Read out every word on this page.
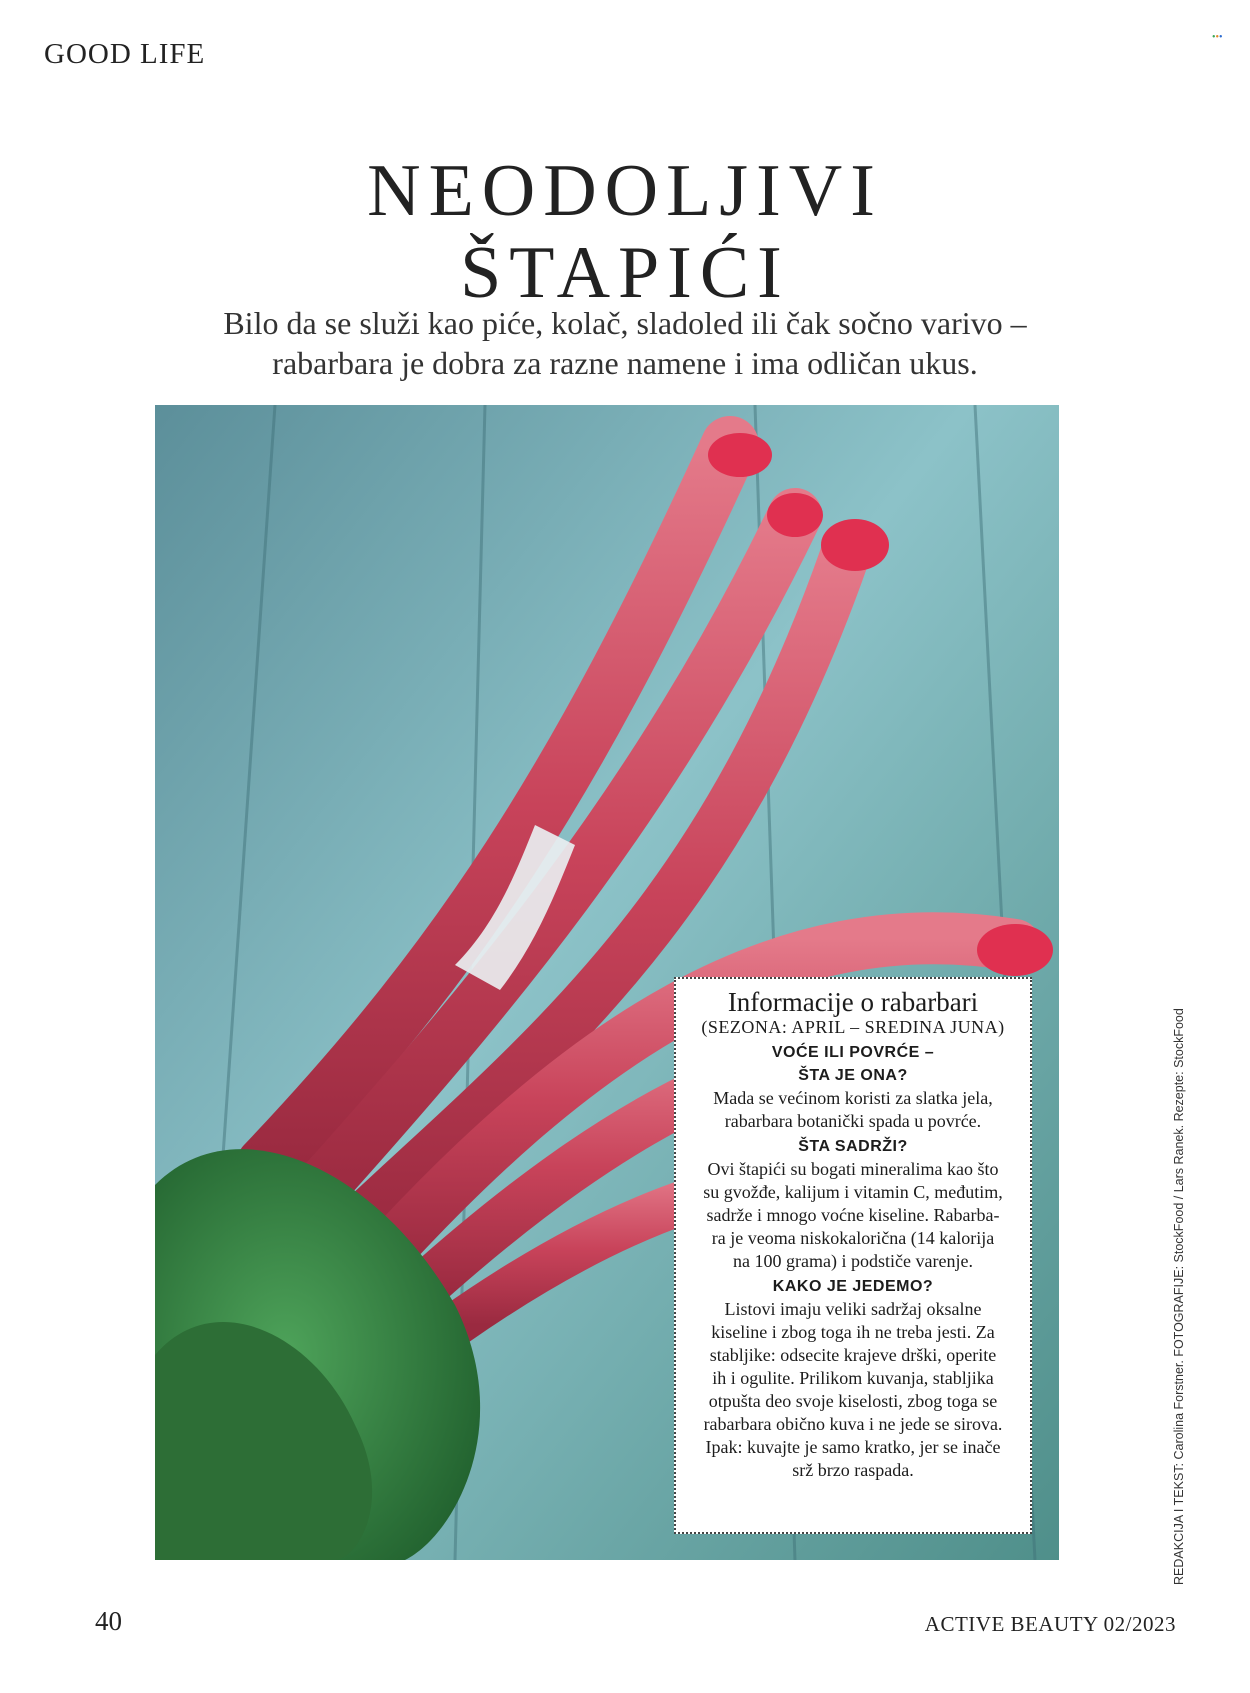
GOOD LIFE
•••
NEODOLJIVI
ŠTAPIĆI
Bilo da se služi kao piće, kolač, sladoled ili čak sočno varivo –
rabarbara je dobra za razne namene i ima odličan ukus.
Informacije o rabarbari
(SEZONA: APRIL – SREDINA JUNA)
VOĆE ILI POVRĆE –
ŠTA JE ONA?
Mada se većinom koristi za slatka jela,
rabarbara botanički spada u povrće.
ŠTA SADRŽI?
Ovi štapići su bogati mineralima kao što
su gvožđe, kalijum i vitamin C, međutim,
sadrže i mnogo voćne kiseline. Rabarba-
ra je veoma niskokalorična (14 kalorija
na 100 grama) i podstiče varenje.
KAKO JE JEDEMO?
Listovi imaju veliki sadržaj oksalne
kiseline i zbog toga ih ne treba jesti. Za
stabljike: odsecite krajeve drški, operite
ih i ogulite. Prilikom kuvanja, stabljika
otpušta deo svoje kiselosti, zbog toga se
rabarbara obično kuva i ne jede se sirova.
Ipak: kuvajte je samo kratko, jer se inače
srž brzo raspada.	REDAKCIJA I TEKST: Carolina Forstner. FOTOGRAFIJE: StockFood / Lars Ranek. Rezepte: StockFood
40	ACTIVE BEAUTY 02/2023
